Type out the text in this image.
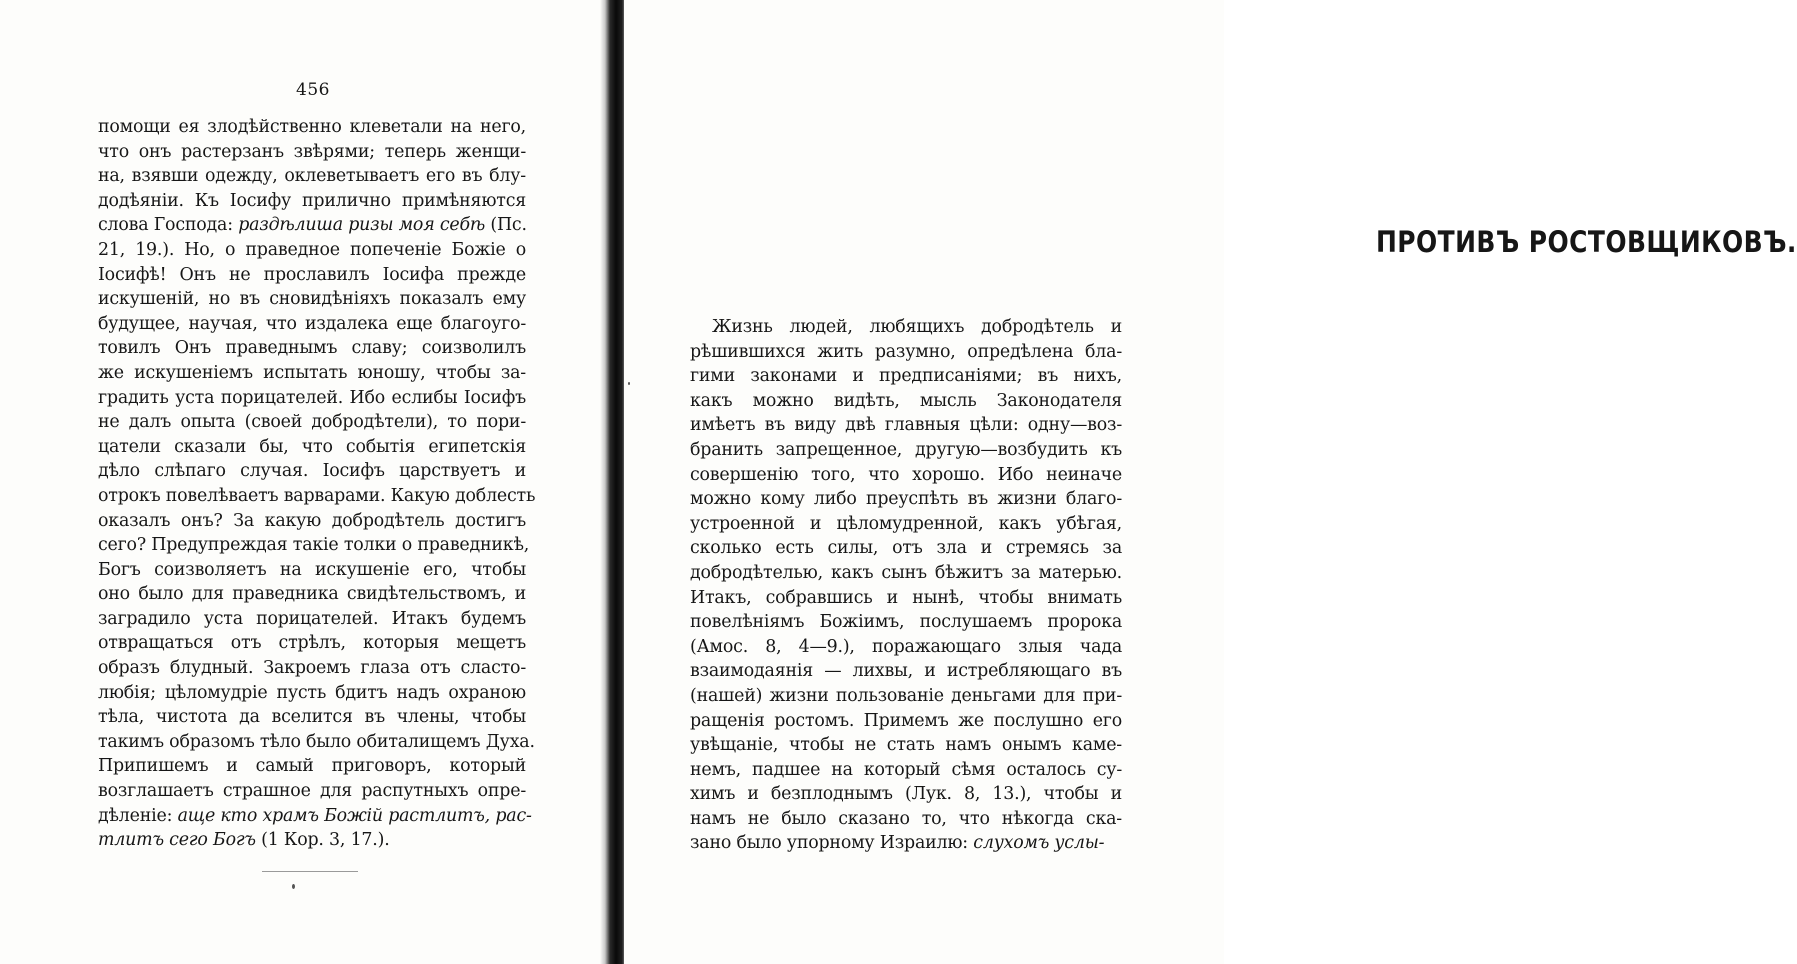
456
помощи ея злодѣйственно клеветали на него,
что онъ растерзанъ звѣрями; теперь женщи-
на, взявши одежду, оклеветываетъ его въ блу-
додѣяніи. Къ Іосифу прилично примѣняются
слова Господа: раздѣлиша ризы моя себѣ (Пс.
21, 19.). Но, о праведное попеченіе Божіе о
Іосифѣ! Онъ не прославилъ Іосифа прежде
искушеній, но въ сновидѣніяхъ показалъ ему
будущее, научая, что издалека еще благоуго-
товилъ Онъ праведнымъ славу; соизволилъ
же искушеніемъ испытать юношу, чтобы за-
градить уста порицателей. Ибо еслибы Іосифъ
не далъ опыта (своей добродѣтели), то пори-
цатели сказали бы, что событія египетскія
дѣло слѣпаго случая. Іосифъ царствуетъ и
отрокъ повелѣваетъ варварами. Какую доблесть
оказалъ онъ? За какую добродѣтель достигъ
сего? Предупреждая такіе толки о праведникѣ,
Богъ соизволяетъ на искушеніе его, чтобы
оно было для праведника свидѣтельствомъ, и
заградило уста порицателей. Итакъ будемъ
отвращаться отъ стрѣлъ, которыя мещетъ
образъ блудный. Закроемъ глаза отъ сласто-
любія; цѣломудріе пусть бдитъ надъ охраною
тѣла, чистота да вселится въ члены, чтобы
такимъ образомъ тѣло было обиталищемъ Духа.
Припишемъ и самый приговоръ, который
возглашаетъ страшное для распутныхъ опре-
дѣленіе: аще кто храмъ Божій растлитъ, рас-
тлитъ сего Богъ (1 Кор. 3, 17.).
ПРОТИВЪ РОСТОВЩИКОВЪ.
Жизнь людей, любящихъ добродѣтель и
рѣшившихся жить разумно, опредѣлена бла-
гими законами и предписаніями; въ нихъ,
какъ можно видѣть, мысль Законодателя
имѣетъ въ виду двѣ главныя цѣли: одну—воз-
бранить запрещенное, другую—возбудить къ
совершенію того, что хорошо. Ибо неиначе
можно кому либо преуспѣть въ жизни благо-
устроенной и цѣломудренной, какъ убѣгая,
сколько есть силы, отъ зла и стремясь за
добродѣтелью, какъ сынъ бѣжитъ за матерью.
Итакъ, собравшись и нынѣ, чтобы внимать
повелѣніямъ Божіимъ, послушаемъ пророка
(Амос. 8, 4—9.), поражающаго злыя чада
взаимодаянія — лихвы, и истребляющаго въ
(нашей) жизни пользованіе деньгами для при-
ращенія ростомъ. Примемъ же послушно его
увѣщаніе, чтобы не стать намъ онымъ каме-
немъ, падшее на который сѣмя осталось су-
химъ и безплоднымъ (Лук. 8, 13.), чтобы и
намъ не было сказано то, что нѣкогда ска-
зано было упорному Израилю: слухомъ услы-
